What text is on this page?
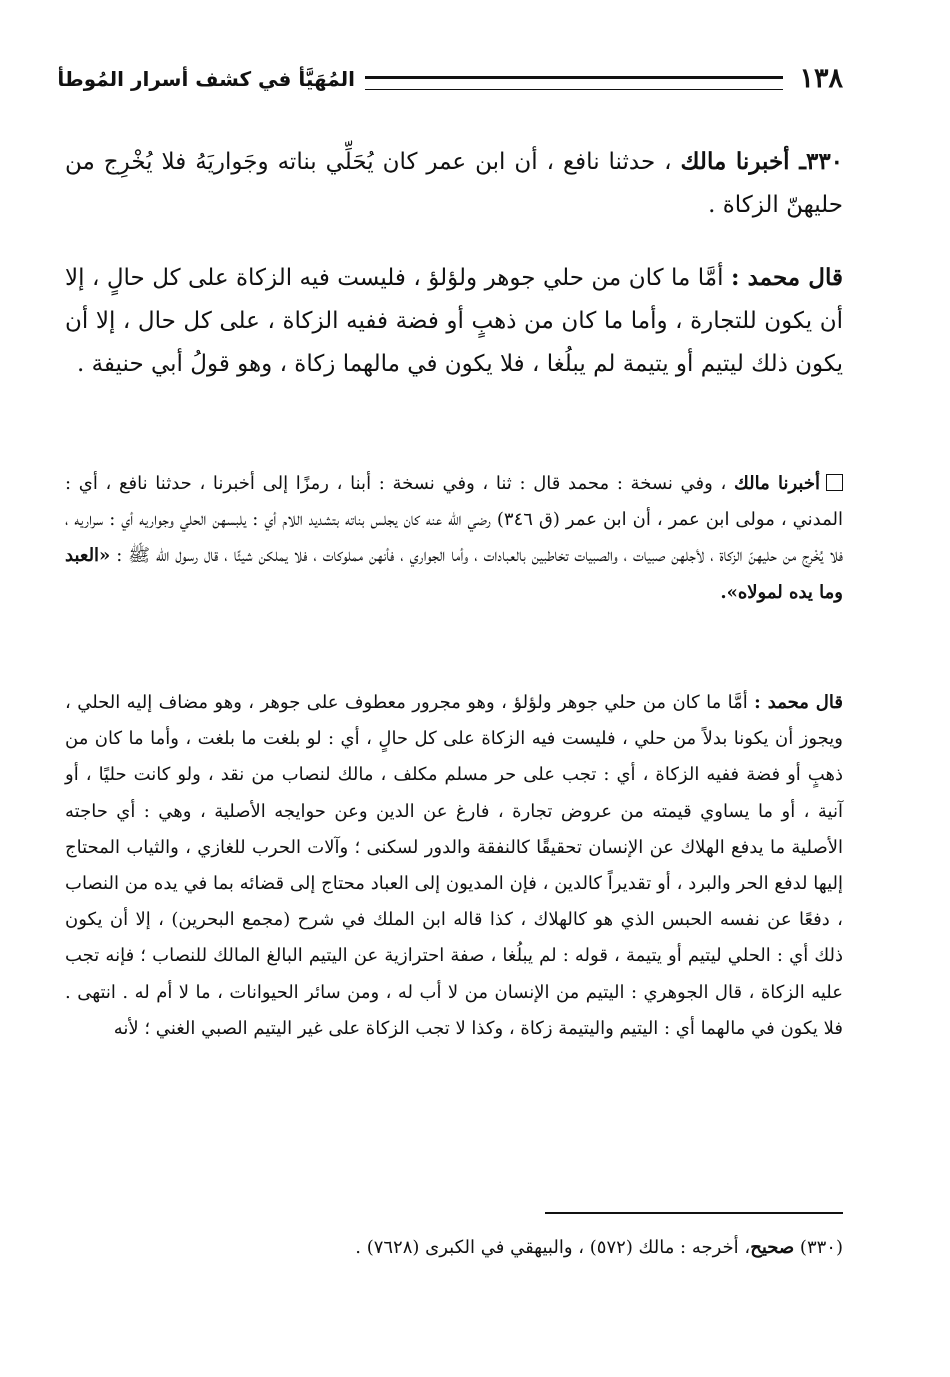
١٣٨
المُهَيَّأ في كشف أسرار المُوطأ

٣٣٠ـ أخبرنا مالك ، حدثنا نافع ، أن ابن عمر كان يُحَلِّي بناته وجَواريَهُ فلا يُخْرِج من حليهنّ الزكاة .

قال محمد : أمَّا ما كان من حلي جوهر ولؤلؤ ، فليست فيه الزكاة على كل حالٍ ، إلا أن يكون للتجارة ، وأما ما كان من ذهبٍ أو فضة ففيه الزكاة ، على كل حال ، إلا أن يكون ذلك ليتيم أو يتيمة لم يبلُغا ، فلا يكون في مالهما زكاة ، وهو قولُ أبي حنيفة .

أخبرنا مالك ، وفي نسخة : محمد قال : ثنا ، وفي نسخة : أبنا ، رمزًا إلى أخبرنا ، حدثنا نافع ، أي : المدني ، مولى ابن عمر ، أن ابن عمر (ق ٣٤٦) رضي الله عنه كان يجلس بناته بتشديد اللام أي : يلبسهن الحلي وجواريه أي : سراريه ، فلا يُخْرِج من حليهنّ الزكاة ، لأجلهن صبيات ، والصبيات تخاطبين بالعبادات ، وأما الجواري ، فأنهن مملوكات ، فلا يملكن شيئًا ، قال رسول الله ﷺ : «العبد وما يده لمولاه».

قال محمد : أمَّا ما كان من حلي جوهر ولؤلؤ ، وهو مجرور معطوف على جوهر ، وهو مضاف إليه الحلي ، ويجوز أن يكونا بدلاً من حلي ، فليست فيه الزكاة على كل حالٍ ، أي : لو بلغت ما بلغت ، وأما ما كان من ذهبٍ أو فضة ففيه الزكاة ، أي : تجب على حر مسلم مكلف ، مالك لنصاب من نقد ، ولو كانت حليًا ، أو آنية ، أو ما يساوي قيمته من عروض تجارة ، فارغ عن الدين وعن حوايجه الأصلية ، وهي : أي حاجته الأصلية ما يدفع الهلاك عن الإنسان تحقيقًا كالنفقة والدور لسكنى ؛ وآلات الحرب للغازي ، والثياب المحتاج إليها لدفع الحر والبرد ، أو تقديراً كالدين ، فإن المديون إلى العباد محتاج إلى قضائه بما في يده من النصاب ، دفعًا عن نفسه الحبس الذي هو كالهلاك ، كذا قاله ابن الملك في شرح (مجمع البحرين) ، إلا أن يكون ذلك أي : الحلي ليتيم أو يتيمة ، قوله : لم يبلُغا ، صفة احترازية عن اليتيم البالغ المالك للنصاب ؛ فإنه تجب عليه الزكاة ، قال الجوهري : اليتيم من الإنسان من لا أب له ، ومن سائر الحيوانات ، ما لا أم له . انتهى . فلا يكون في مالهما أي : اليتيم واليتيمة زكاة ، وكذا لا تجب الزكاة على غير اليتيم الصبي الغني ؛ لأنه

(٣٣٠) صحيح، أخرجه : مالك (٥٧٢) ، والبيهقي في الكبرى (٧٦٢٨) .
